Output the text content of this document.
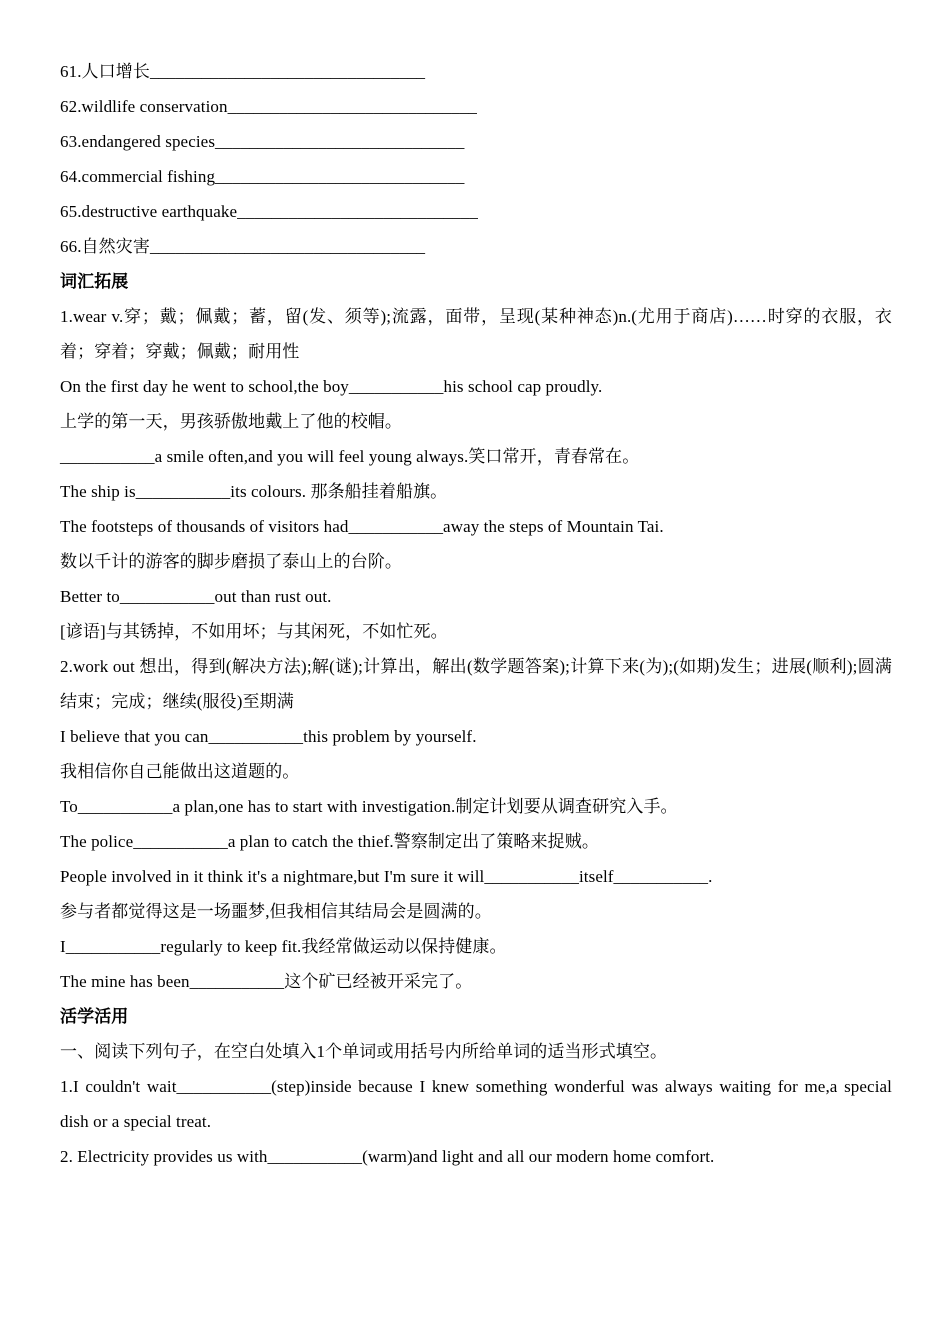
61.人口增长________________________________

62.wildlife conservation_____________________________

63.endangered species_____________________________

64.commercial fishing_____________________________

65.destructive earthquake____________________________

66.自然灾害________________________________

词汇拓展

1.wear v.穿；戴；佩戴；蓄，留(发、须等);流露，面带，呈现(某种神态)n.(尤用于商店)……时穿的衣服，衣着；穿着；穿戴；佩戴；耐用性

On the first day he went to school,the boy___________his school cap proudly.

上学的第一天，男孩骄傲地戴上了他的校帽。

___________a smile often,and you will feel young always.笑口常开，青春常在。

The ship is___________its colours. 那条船挂着船旗。

The footsteps of thousands of visitors had___________away the steps of Mountain Tai.

数以千计的游客的脚步磨损了泰山上的台阶。

Better to___________out than rust out.

[谚语]与其锈掉，不如用坏；与其闲死，不如忙死。

2.work out 想出，得到(解决方法);解(谜);计算出，解出(数学题答案);计算下来(为);(如期)发生；进展(顺利);圆满结束；完成；继续(服役)至期满

I believe that you can___________this problem by yourself.

我相信你自己能做出这道题的。

To___________a plan,one has to start with investigation.制定计划要从调查研究入手。

The police___________a plan to catch the thief.警察制定出了策略来捉贼。

People involved in it think it's a nightmare,but I'm sure it will___________itself___________.

参与者都觉得这是一场噩梦,但我相信其结局会是圆满的。

I___________regularly to keep fit.我经常做运动以保持健康。

The mine has been___________这个矿已经被开采完了。

活学活用

一、阅读下列句子，在空白处填入1个单词或用括号内所给单词的适当形式填空。

1.I couldn't wait___________(step)inside because I knew something wonderful was always waiting for me,a special dish or a special treat.

2. Electricity provides us with___________(warm)and light and all our modern home comfort.
